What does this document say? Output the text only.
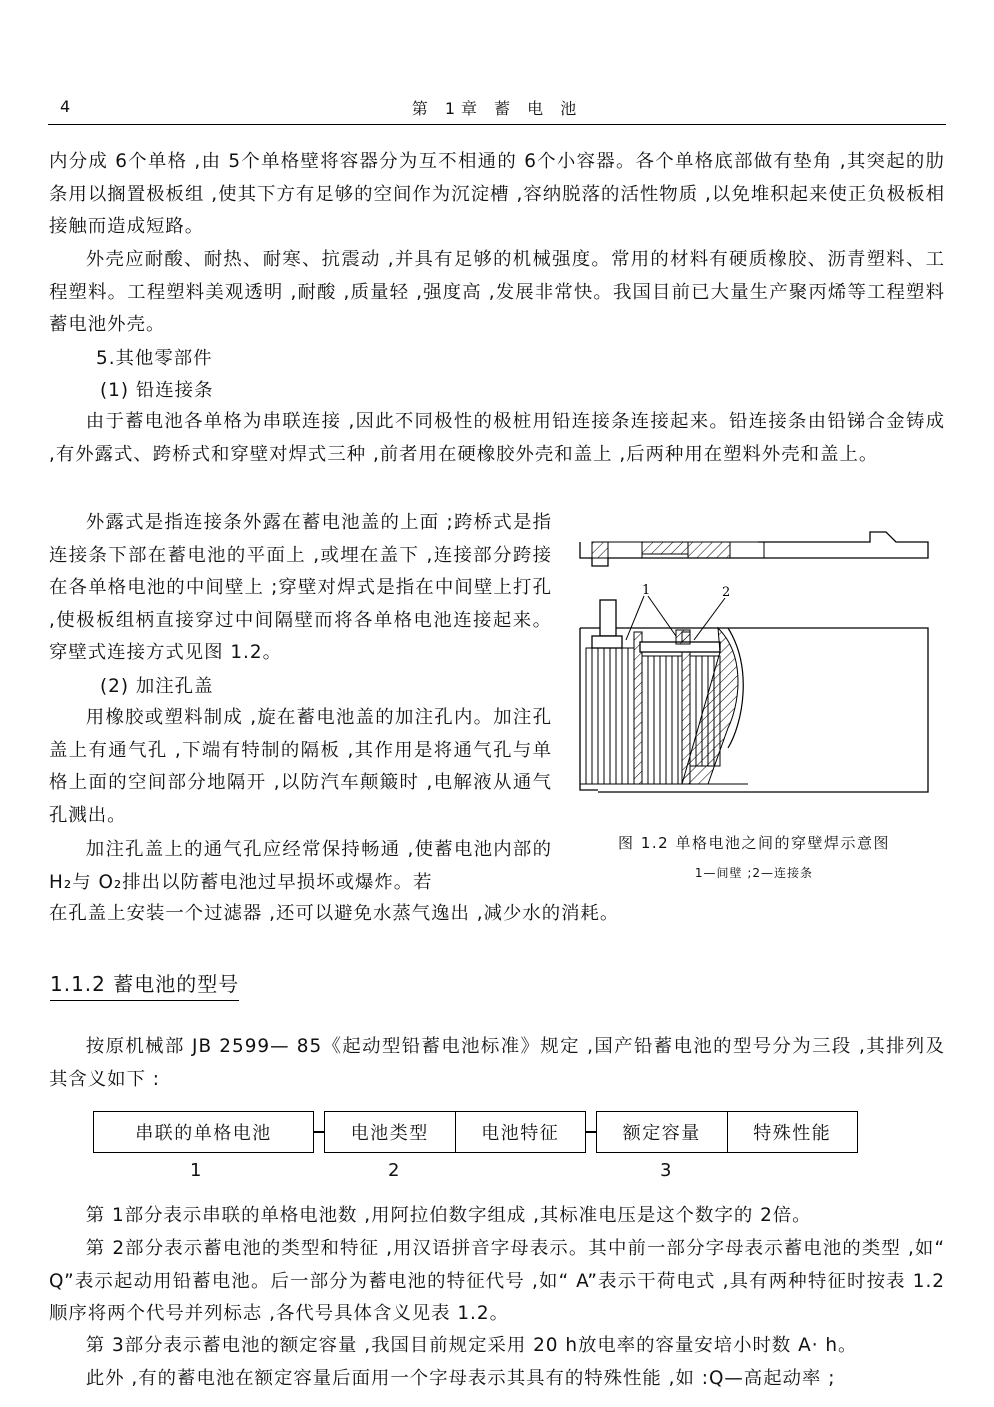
4	第 1章 蓄 电 池

内分成 6个单格 ,由 5个单格壁将容器分为互不相通的 6个小容器。各个单格底部做有垫角 ,其突起的肋条用以搁置极板组 ,使其下方有足够的空间作为沉淀槽 ,容纳脱落的活性物质 ,以免堆积起来使正负极板相接触而造成短路。

外壳应耐酸、耐热、耐寒、抗震动 ,并具有足够的机械强度。常用的材料有硬质橡胶、沥青塑料、工程塑料。工程塑料美观透明 ,耐酸 ,质量轻 ,强度高 ,发展非常快。我国目前已大量生产聚丙烯等工程塑料蓄电池外壳。

5.其他零部件
(1) 铅连接条

由于蓄电池各单格为串联连接 ,因此不同极性的极桩用铅连接条连接起来。铅连接条由铅锑合金铸成 ,有外露式、跨桥式和穿壁对焊式三种 ,前者用在硬橡胶外壳和盖上 ,后两种用在塑料外壳和盖上。

外露式是指连接条外露在蓄电池盖的上面 ;跨桥式是指连接条下部在蓄电池的平面上 ,或埋在盖下 ,连接部分跨接在各单格电池的中间壁上 ;穿壁对焊式是指在中间壁上打孔 ,使极板组柄直接穿过中间隔壁而将各单格电池连接起来。穿壁式连接方式见图 1.2。

(2) 加注孔盖

用橡胶或塑料制成 ,旋在蓄电池盖的加注孔内。加注孔盖上有通气孔 ,下端有特制的隔板 ,其作用是将通气孔与单格上面的空间部分地隔开 ,以防汽车颠簸时 ,电解液从通气孔溅出。

加注孔盖上的通气孔应经常保持畅通 ,使蓄电池内部的 H₂与 O₂排出以防蓄电池过早损坏或爆炸。若

在孔盖上安装一个过滤器 ,还可以避免水蒸气逸出 ,减少水的消耗。

1	2
图 1.2 单格电池之间的穿壁焊示意图
1—间壁 ;2—连接条
1.1.2 蓄电池的型号

按原机械部 JB 2599— 85《起动型铅蓄电池标准》规定 ,国产铅蓄电池的型号分为三段 ,其排列及其含义如下 :

串联的单格电池	电池类型	电池特征	额定容量	特殊性能
1	2	3

第 1部分表示串联的单格电池数 ,用阿拉伯数字组成 ,其标准电压是这个数字的 2倍。

第 2部分表示蓄电池的类型和特征 ,用汉语拼音字母表示。其中前一部分字母表示蓄电池的类型 ,如“ Q”表示起动用铅蓄电池。后一部分为蓄电池的特征代号 ,如“ A”表示干荷电式 ,具有两种特征时按表 1.2顺序将两个代号并列标志 ,各代号具体含义见表 1.2。

第 3部分表示蓄电池的额定容量 ,我国目前规定采用 20 h放电率的容量安培小时数 A· h。

此外 ,有的蓄电池在额定容量后面用一个字母表示其具有的特殊性能 ,如 :Q—高起动率 ;
